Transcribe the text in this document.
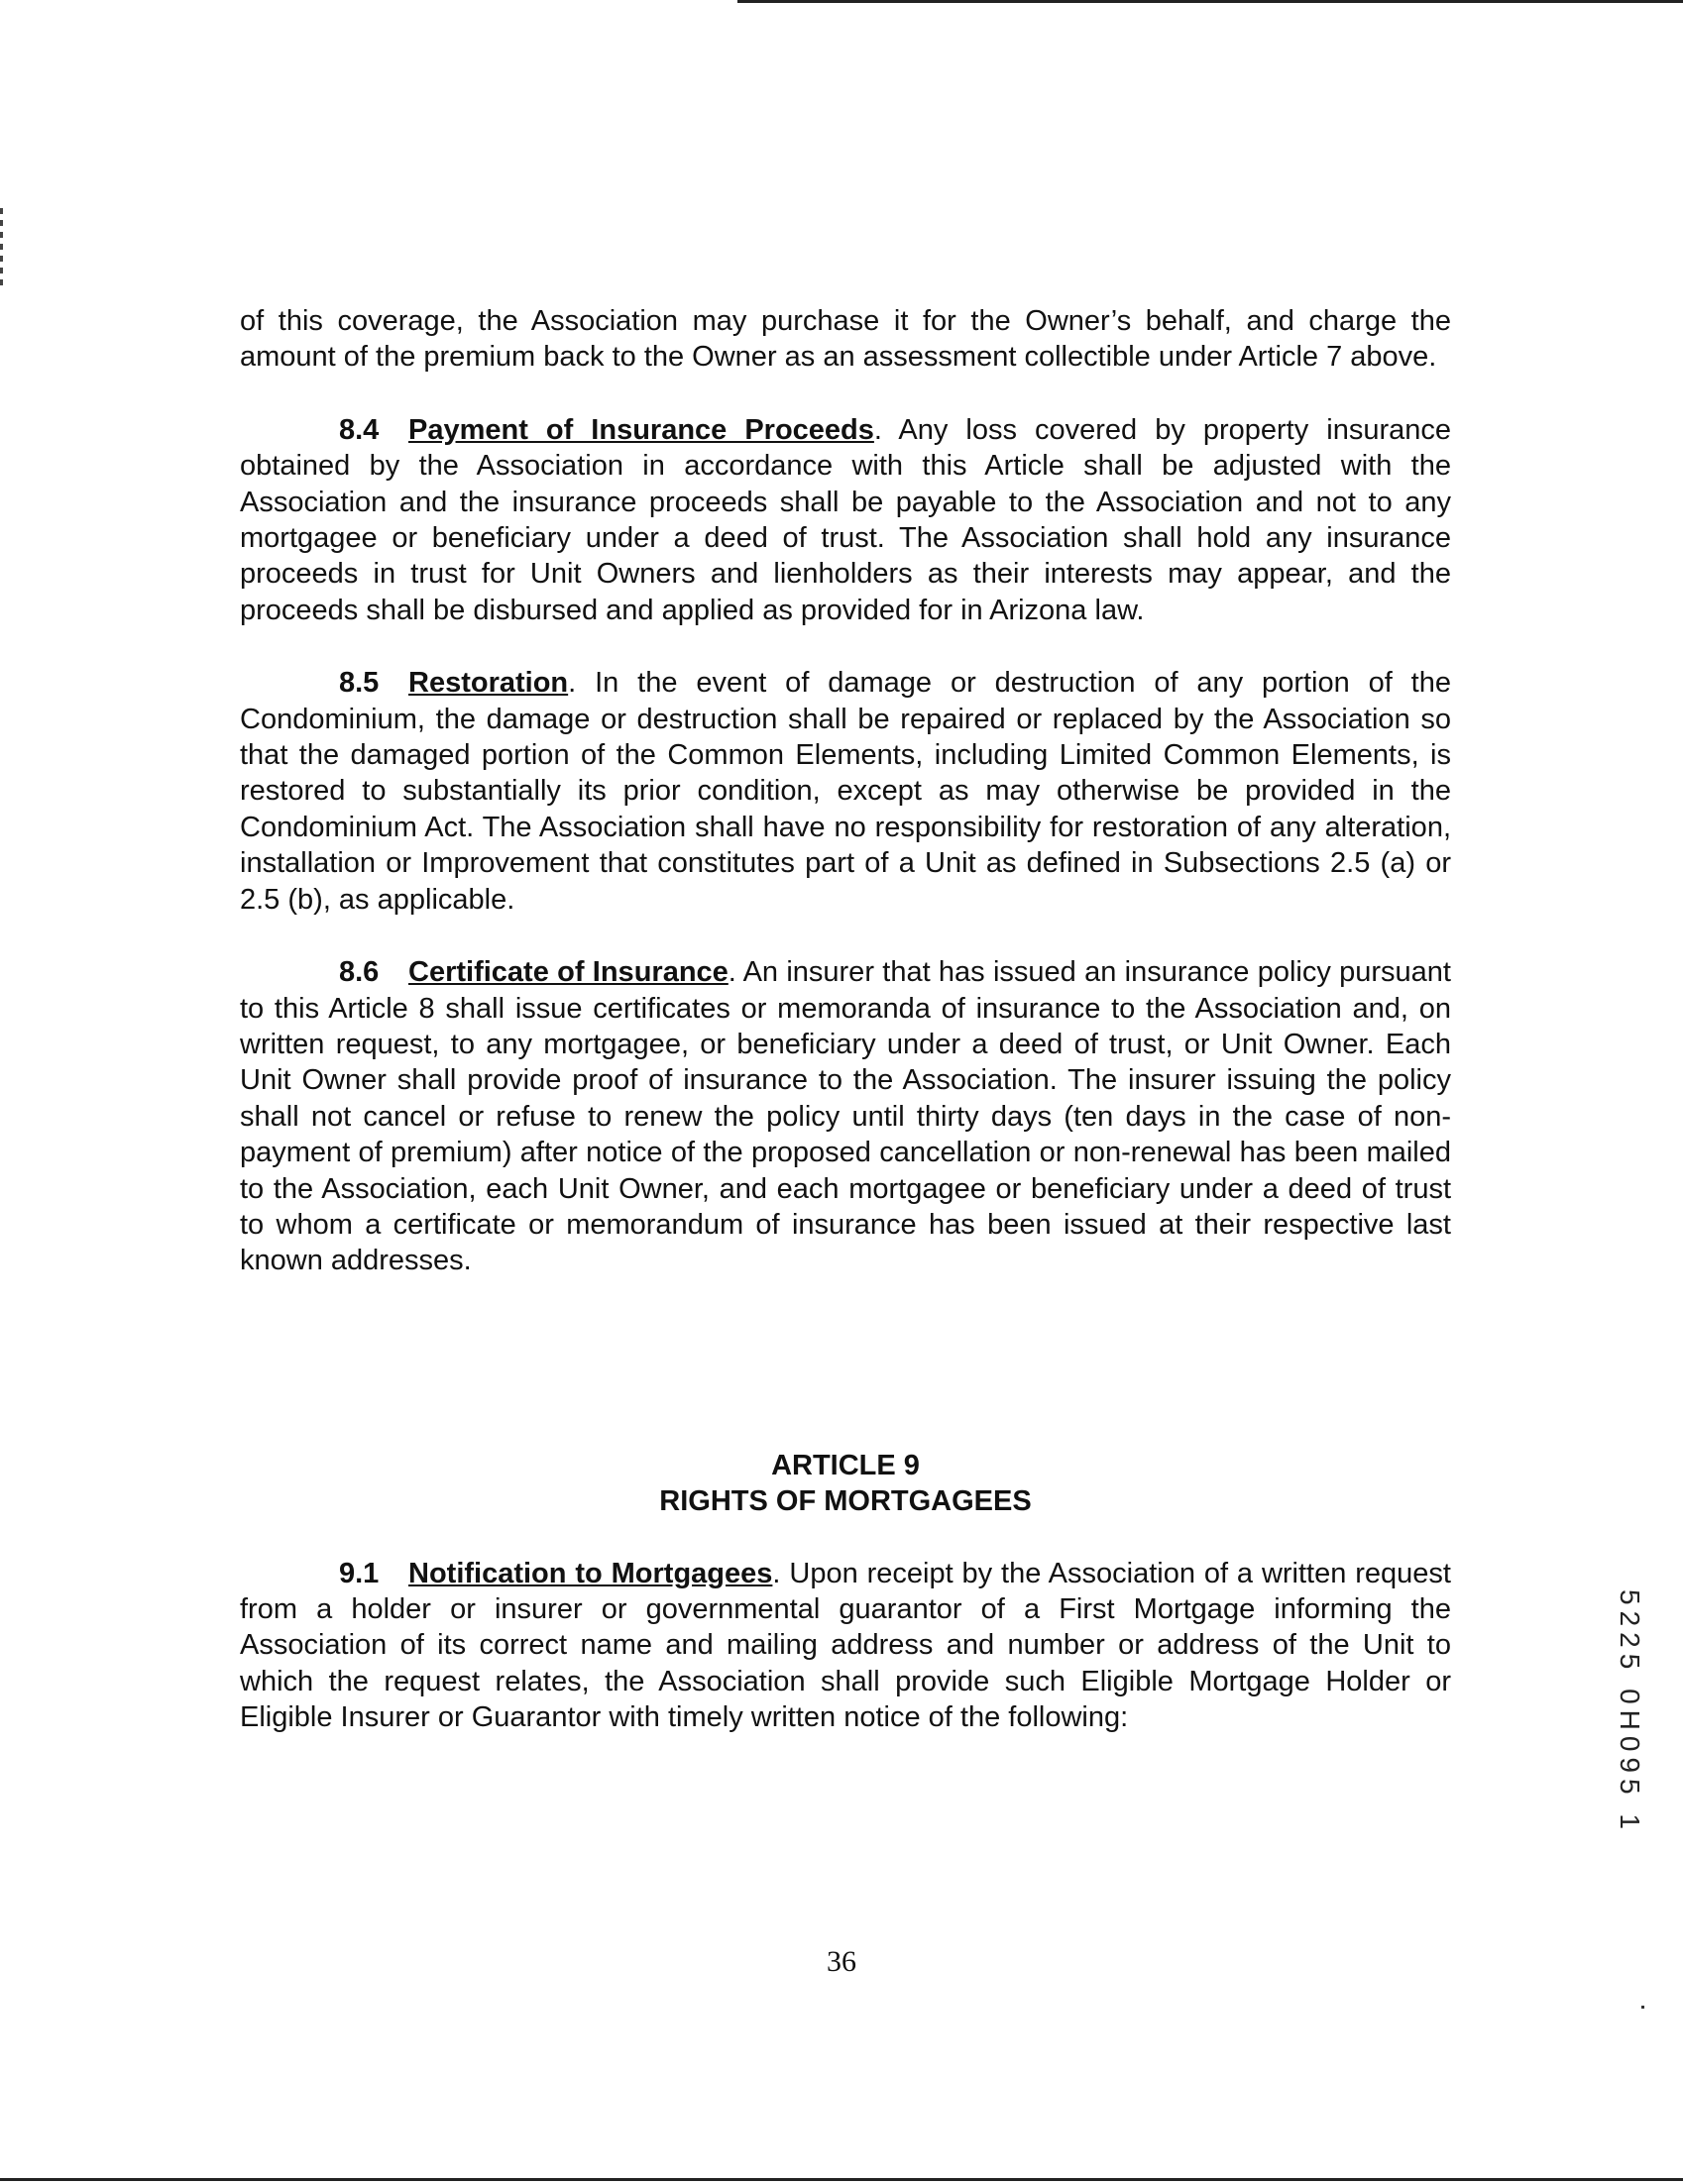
of this coverage, the Association may purchase it for the Owner’s behalf, and charge the amount of the premium back to the Owner as an assessment collectible under Article 7 above.

8.4 Payment of Insurance Proceeds. Any loss covered by property insurance obtained by the Association in accordance with this Article shall be adjusted with the Association and the insurance proceeds shall be payable to the Association and not to any mortgagee or beneficiary under a deed of trust. The Association shall hold any insurance proceeds in trust for Unit Owners and lienholders as their interests may appear, and the proceeds shall be disbursed and applied as provided for in Arizona law.

8.5 Restoration. In the event of damage or destruction of any portion of the Condominium, the damage or destruction shall be repaired or replaced by the Association so that the damaged portion of the Common Elements, including Limited Common Elements, is restored to substantially its prior condition, except as may otherwise be provided in the Condominium Act. The Association shall have no responsibility for restoration of any alteration, installation or Improvement that constitutes part of a Unit as defined in Subsections 2.5 (a) or 2.5 (b), as applicable.

8.6 Certificate of Insurance. An insurer that has issued an insurance policy pursuant to this Article 8 shall issue certificates or memoranda of insurance to the Association and, on written request, to any mortgagee, or beneficiary under a deed of trust, or Unit Owner. Each Unit Owner shall provide proof of insurance to the Association. The insurer issuing the policy shall not cancel or refuse to renew the policy until thirty days (ten days in the case of non-payment of premium) after notice of the proposed cancellation or non-renewal has been mailed to the Association, each Unit Owner, and each mortgagee or beneficiary under a deed of trust to whom a certificate or memorandum of insurance has been issued at their respective last known addresses.

ARTICLE 9
RIGHTS OF MORTGAGEES

9.1 Notification to Mortgagees. Upon receipt by the Association of a written request from a holder or insurer or governmental guarantor of a First Mortgage informing the Association of its correct name and mailing address and number or address of the Unit to which the request relates, the Association shall provide such Eligible Mortgage Holder or Eligible Insurer or Guarantor with timely written notice of the following:	5225 0H095 1
36
